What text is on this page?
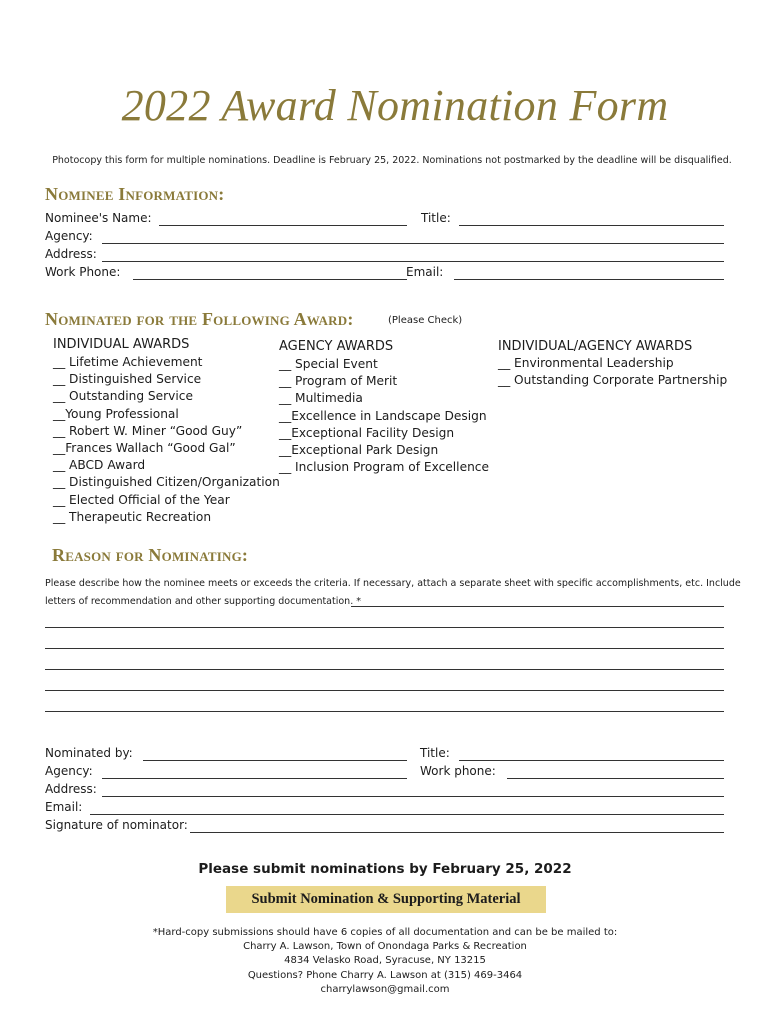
2022 Award Nomination Form
Photocopy this form for multiple nominations. Deadline is February 25, 2022. Nominations not postmarked by the deadline will be disqualified.
Nominee Information:
Nominee's Name:	Title:
Agency:
Address:
Work Phone:	Email:
Nominated for the Following Award:	(Please Check)
INDIVIDUAL AWARDS
__ Lifetime Achievement
__ Distinguished Service
__ Outstanding Service
__Young Professional
__ Robert W. Miner “Good Guy”
__Frances Wallach “Good Gal”
__ ABCD Award
__ Distinguished Citizen/Organization
__ Elected Official of the Year
__ Therapeutic Recreation
AGENCY AWARDS
__ Special Event
__ Program of Merit
__ Multimedia
__Excellence in Landscape Design
__Exceptional Facility Design
__Exceptional Park Design
__ Inclusion Program of Excellence
INDIVIDUAL/AGENCY AWARDS
__ Environmental Leadership
__ Outstanding Corporate Partnership
Reason for Nominating:
Please describe how the nominee meets or exceeds the criteria. If necessary, attach a separate sheet with specific accomplishments, etc. Include
letters of recommendation and other supporting documentation. *
Nominated by:	Title:
Agency:	Work phone:
Address:
Email:
Signature of nominator:
Please submit nominations by February 25, 2022
Submit Nomination & Supporting Material
*Hard-copy submissions should have 6 copies of all documentation and can be be mailed to:
Charry A. Lawson, Town of Onondaga Parks & Recreation
4834 Velasko Road, Syracuse, NY 13215
Questions? Phone Charry A. Lawson at (315) 469-3464
charrylawson@gmail.com
